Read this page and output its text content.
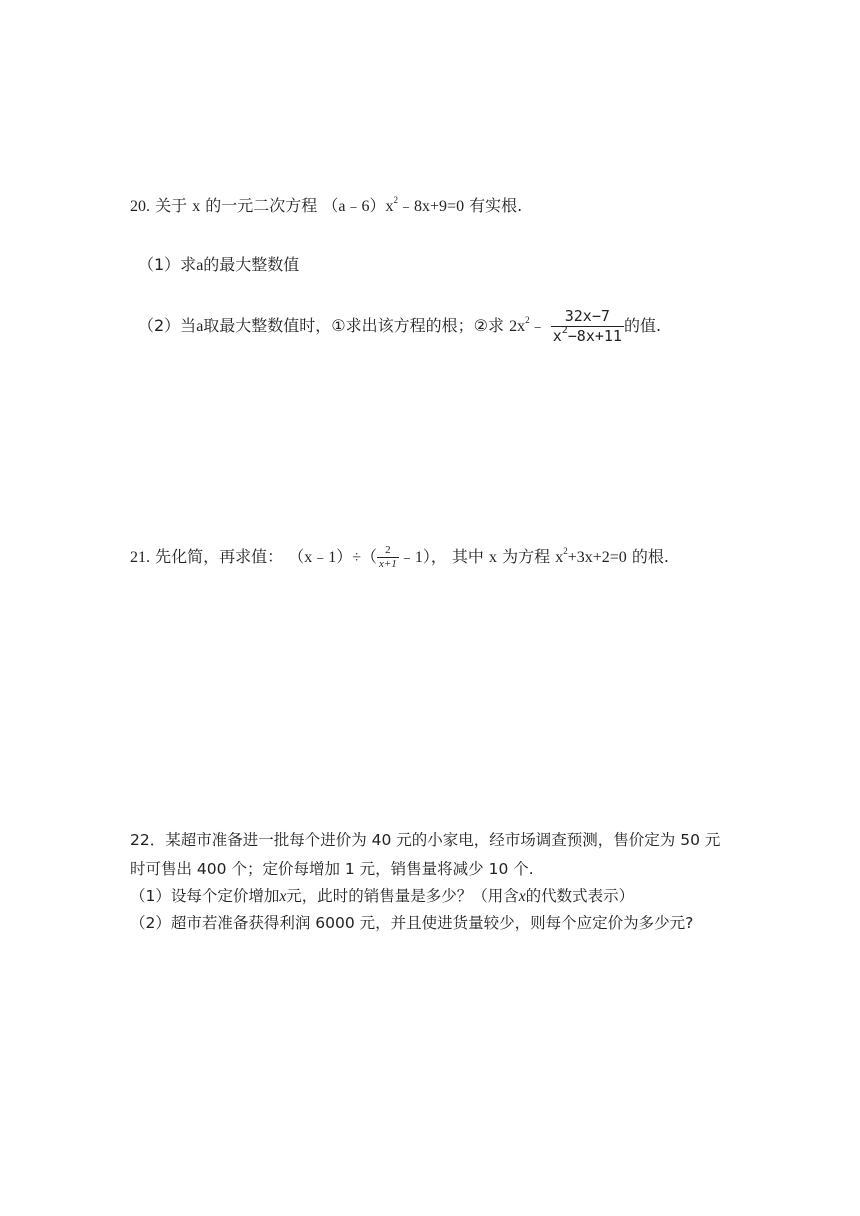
20. 关于 x 的一元二次方程 $(a﹣6)x^2﹣8x+9=0$ 有实根.
（1）求a的最大整数值
（2）当a取最大整数值时，①求出该方程的根；②求 $2x^2﹣ \frac{32x-7}{x^2-8x+11}$ 的值.
21. 先化简，再求值： （x﹣1）÷（ $\frac{2}{x+1}$ ﹣1）， 其中 x 为方程 $x^2+3x+2=0$ 的根.
22．某超市准备进一批每个进价为 40 元的小家电，经市场调查预测，售价定为 50 元
时可售出 400 个；定价每增加 1 元，销售量将减少 10 个.
（1）设每个定价增加x元，此时的销售量是多少？（用含x的代数式表示）
（2）超市若准备获得利润 6000 元，并且使进货量较少，则每个应定价为多少元?
